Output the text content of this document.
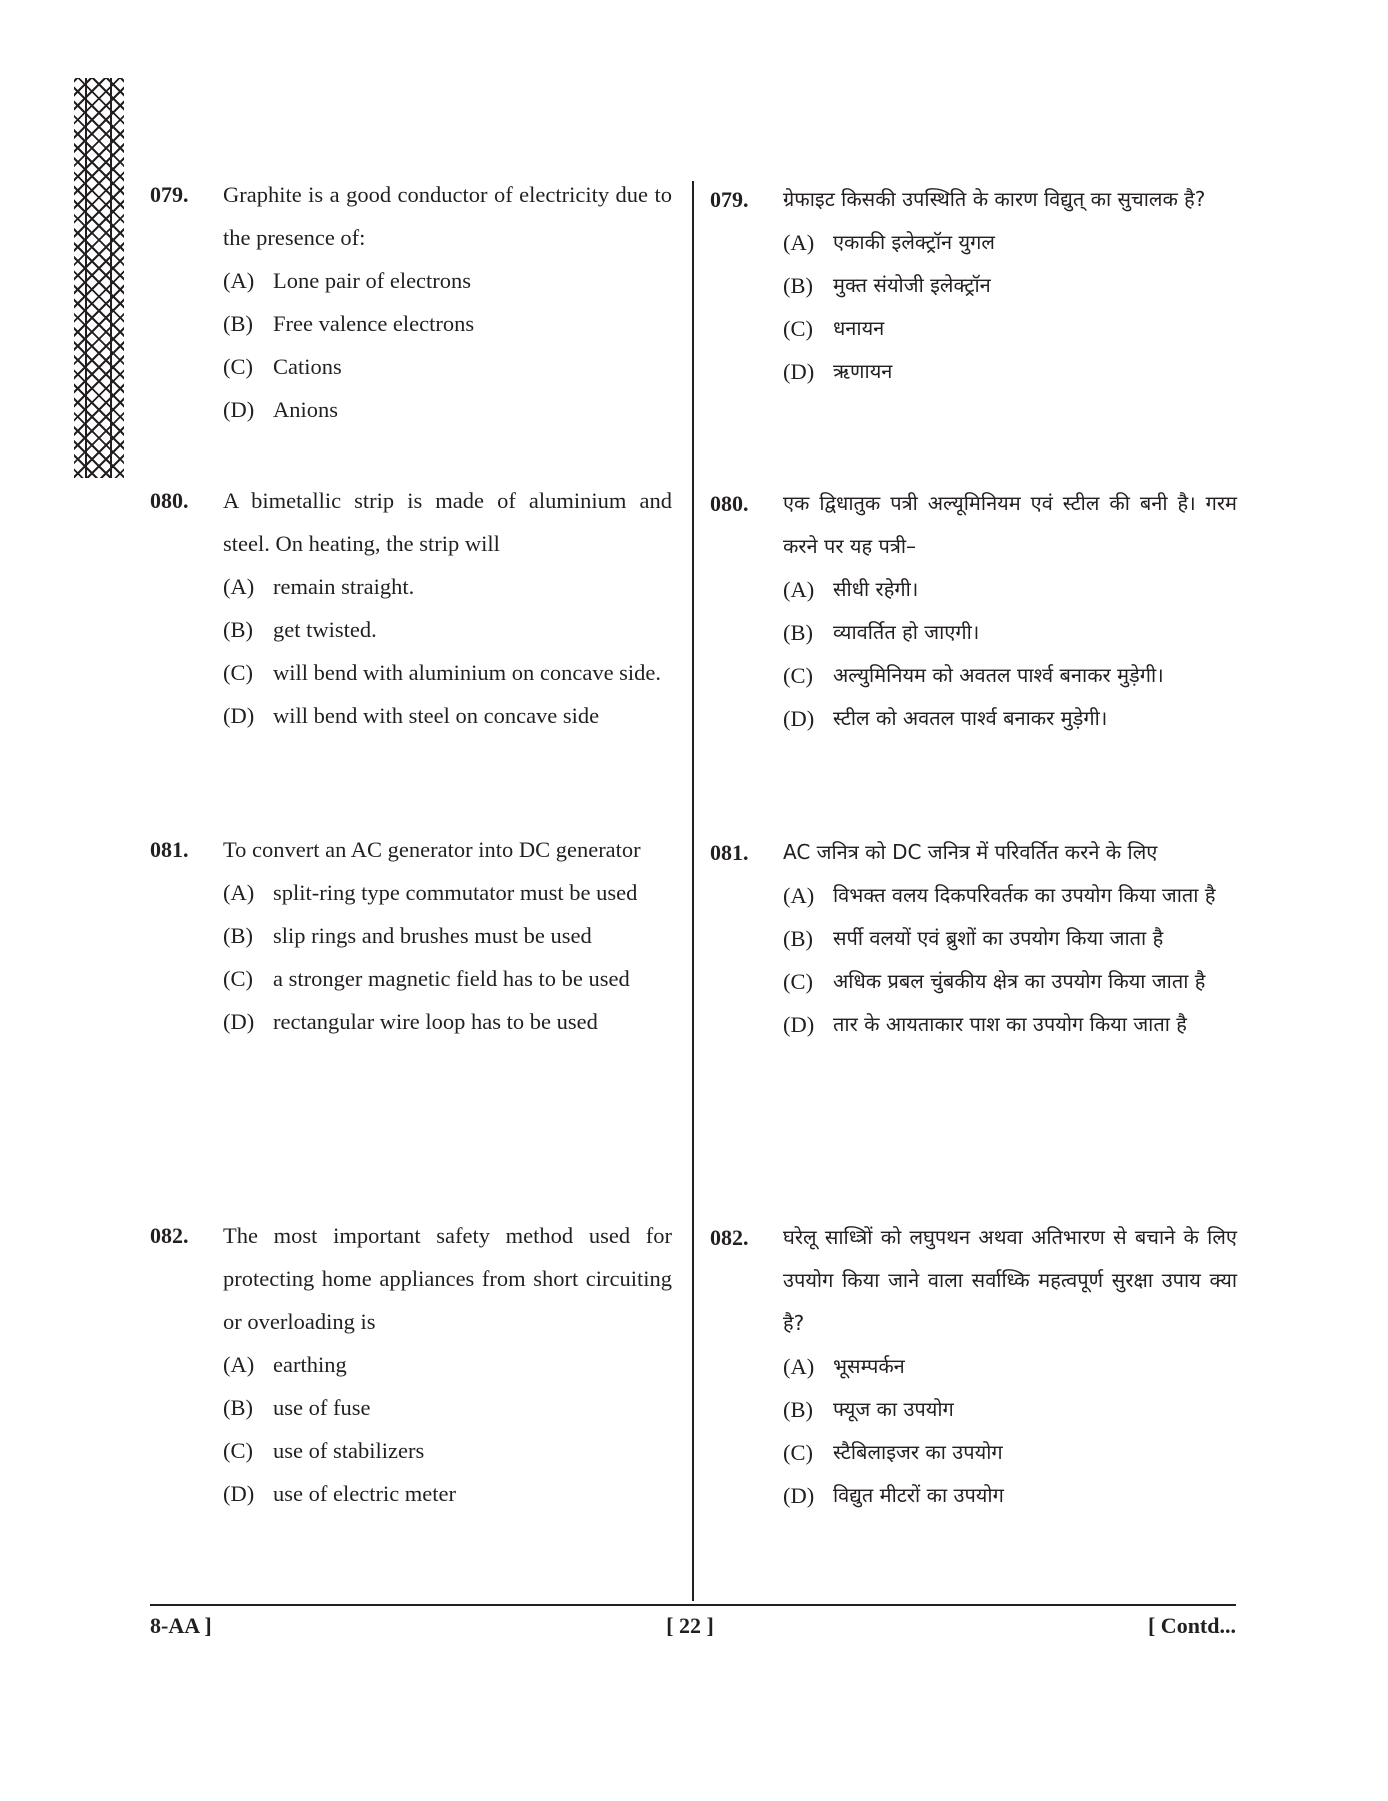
079.	Graphite is a good conductor of electricity due to the presence of:
(A) Lone pair of electrons
(B) Free valence electrons
(C) Cations
(D) Anions
079.	ग्रेफाइट किसकी उपस्थिति के कारण विद्युत् का सुचालक है?
(A) एकाकी इलेक्ट्रॉन युगल
(B)	मुक्त संयोजी इलेक्ट्रॉन
(C)	धनायन
(D) ऋणायन
080.	A bimetallic strip is made of aluminium and steel. On heating, the strip will
(A) remain straight.
(B) get twisted.
(C) will bend with aluminium on concave side.
(D) will bend with steel on concave side
080.	एक द्विधातुक पत्री अल्यूमिनियम एवं स्टील की बनी है। गरम करने पर यह पत्री–
(A) सीधी रहेगी।
(B)	व्यावर्तित हो जाएगी।
(C)	अल्युमिनियम को अवतल पार्श्व बनाकर मुड़ेगी।
(D) स्टील को अवतल पार्श्व बनाकर मुड़ेगी।
081.	To convert an AC generator into DC generator
(A) split-ring type commutator must be used
(B) slip rings and brushes must be used
(C) a stronger magnetic field has to be used
(D) rectangular wire loop has to be used
081.	AC जनित्र को DC जनित्र में परिवर्तित करने के लिए
(A) विभक्त वलय दिकपरिवर्तक का उपयोग किया जाता है
(B)	सर्पी वलयों एवं ब्रुशों का उपयोग किया जाता है
(C)	अधिक प्रबल चुंबकीय क्षेत्र का उपयोग किया जाता है
(D) तार के आयताकार पाश का उपयोग किया जाता है
082.	The most important safety method used for protecting home appliances from short circuiting or overloading is
(A) earthing
(B) use of fuse
(C) use of stabilizers
(D) use of electric meter
082.	घरेलू साध्त्रिों को लघुपथन अथवा अतिभारण से बचाने के लिए उपयोग किया जाने वाला सर्वाध्कि महत्वपूर्ण सुरक्षा उपाय क्या है?
(A) भूसम्पर्कन
(B)	फ्यूज का उपयोग
(C)	स्टैबिलाइजर का उपयोग
(D) विद्युत मीटरों का उपयोग
8-AA ]	[ 22 ]	[ Contd...
